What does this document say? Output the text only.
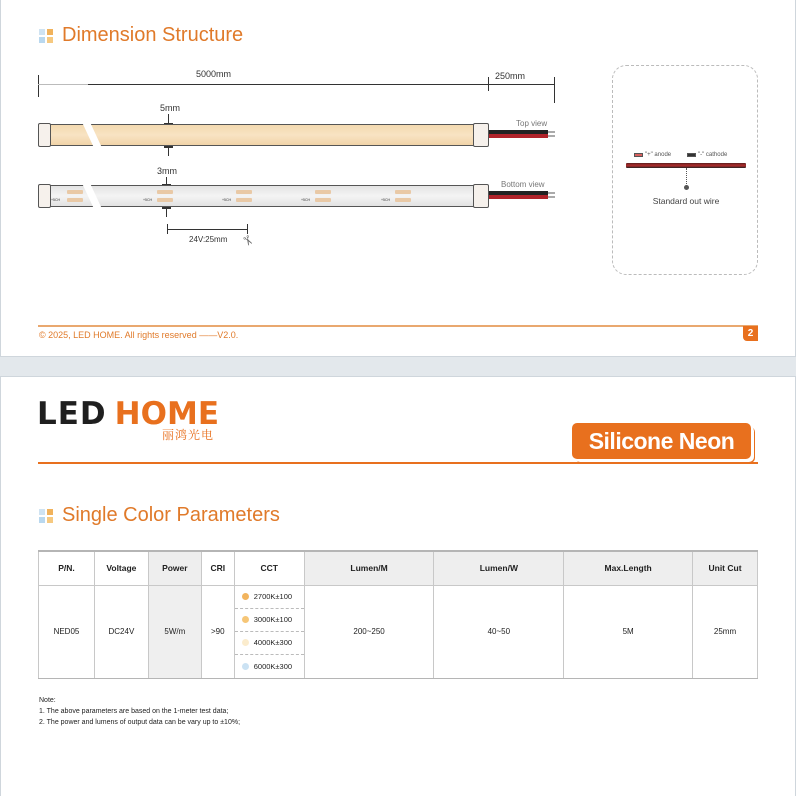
Dimension Structure
5000mm	250mm
5mm
Top view
3mm
+5CH	+5CH	+5CH	+5CH	+5CH
Bottom view
24V:25mm ✂
"+" anode	"-" cathode
Standard out wire
© 2025, LED HOME. All rights reserved ——V2.0.	2
LED HOME
丽鸿光电	Silicone Neon
Single Color Parameters
P/N.	Voltage	Power	CRI	CCT	Lumen/M	Lumen/W	Max.Length	Unit Cut
NED05	DC24V	5W/m	>90	2700K±100
3000K±100
4000K±300
6000K±300	200~250	40~50	5M	25mm
Note:
1. The above parameters are based on the 1-meter test data;
2. The power and lumens of output data can be vary up to ±10%;
